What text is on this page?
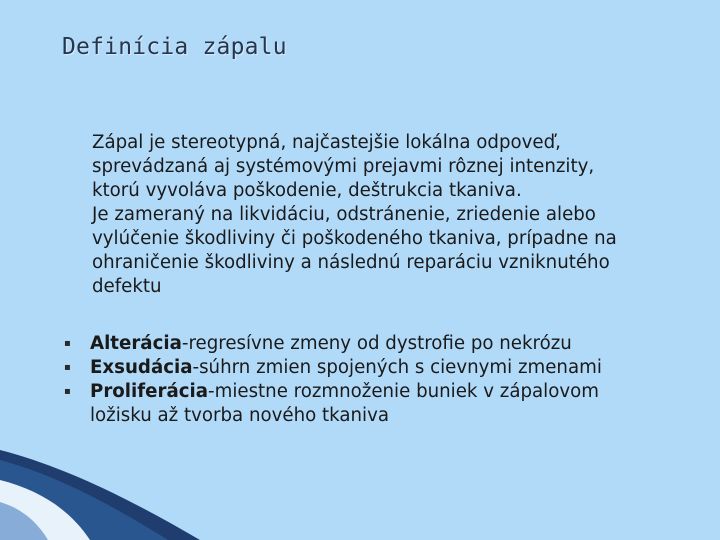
Definícia zápalu
Zápal je stereotypná, najčastejšie lokálna odpoveď,
sprevádzaná aj systémovými prejavmi rôznej intenzity,
ktorú vyvoláva poškodenie, deštrukcia tkaniva.
Je zameraný na likvidáciu, odstránenie, zriedenie alebo
vylúčenie škodliviny či poškodeného tkaniva, prípadne na
ohraničenie škodliviny a následnú reparáciu vzniknutého
defektu
▪ Alterácia-regresívne zmeny od dystrofie po nekrózu
▪ Exsudácia-súhrn zmien spojených s cievnymi zmenami
▪ Proliferácia-miestne rozmnoženie buniek v zápalovom
ložisku až tvorba nového tkaniva
